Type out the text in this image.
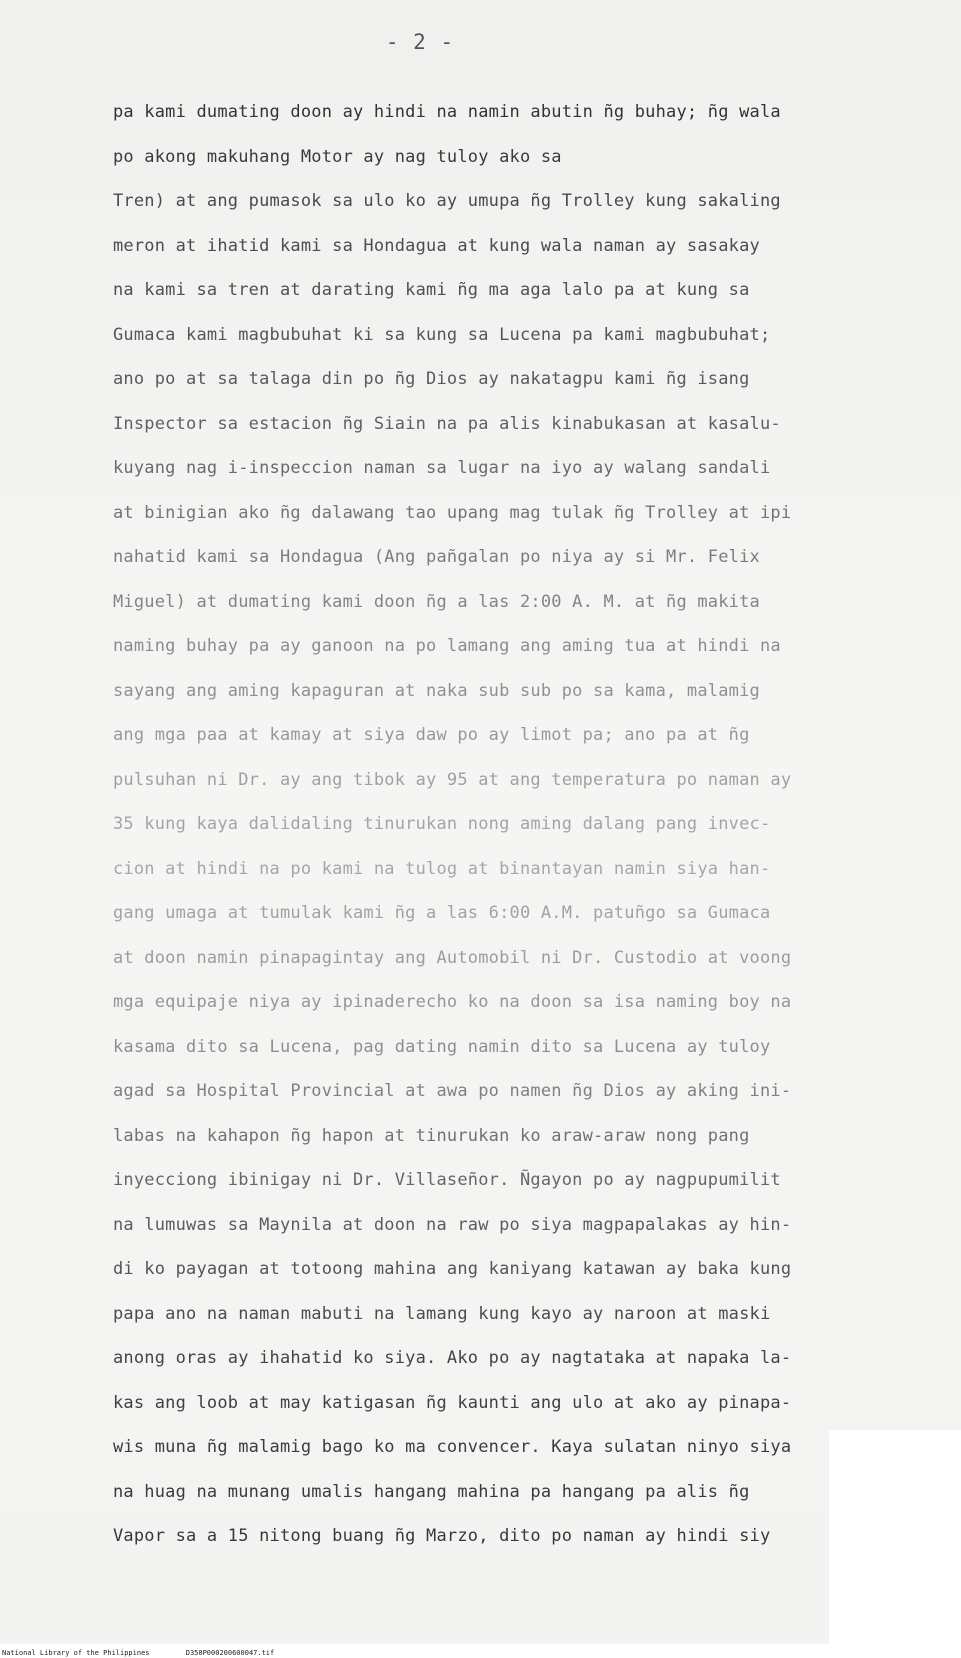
- 2 -
pa kami dumating doon ay hindi na namin abutin ñg buhay; ñg wala
po akong makuhang Motor ay nag tuloy ako sa
Tren) at ang pumasok sa ulo ko ay umupa ñg Trolley kung sakaling
meron at ihatid kami sa Hondagua at kung wala naman ay sasakay
na kami sa tren at darating kami ñg ma aga lalo pa at kung sa
Gumaca kami magbubuhat ki sa kung sa Lucena pa kami magbubuhat;
ano po at sa talaga din po ñg Dios ay nakatagpu kami ñg isang
Inspector sa estacion ñg Siain na pa alis kinabukasan at kasalu-
kuyang nag i-inspeccion naman sa lugar na iyo ay walang sandali
at binigian ako ñg dalawang tao upang mag tulak ñg Trolley at ipi
nahatid kami sa Hondagua (Ang pañgalan po niya ay si Mr. Felix
Miguel) at dumating kami doon ñg a las 2:00 A. M. at ñg makita
naming buhay pa ay ganoon na po lamang ang aming tua at hindi na
sayang ang aming kapaguran at naka sub sub po sa kama, malamig
ang mga paa at kamay at siya daw po ay limot pa; ano pa at ñg
pulsuhan ni Dr. ay ang tibok ay 95 at ang temperatura po naman ay
35 kung kaya dalidaling tinurukan nong aming dalang pang invec-
cion at hindi na po kami na tulog at binantayan namin siya han-
gang umaga at tumulak kami ñg a las 6:00 A.M. patuñgo sa Gumaca
at doon namin pinapagintay ang Automobil ni Dr. Custodio at voong
mga equipaje niya ay ipinaderecho ko na doon sa isa naming boy na
kasama dito sa Lucena, pag dating namin dito sa Lucena ay tuloy
agad sa Hospital Provincial at awa po namen ñg Dios ay aking ini-
labas na kahapon ñg hapon at tinurukan ko araw-araw nong pang
inyecciong ibinigay ni Dr. Villaseñor. Ñgayon po ay nagpupumilit
na lumuwas sa Maynila at doon na raw po siya magpapalakas ay hin-
di ko payagan at totoong mahina ang kaniyang katawan ay baka kung
papa ano na naman mabuti na lamang kung kayo ay naroon at maski
anong oras ay ihahatid ko siya. Ako po ay nagtataka at napaka la-
kas ang loob at may katigasan ñg kaunti ang ulo at ako ay pinapa-
wis muna ñg malamig bago ko ma convencer. Kaya sulatan ninyo siya
na huag na munang umalis hangang mahina pa hangang pa alis ñg
Vapor sa a 15 nitong buang ñg Marzo, dito po naman ay hindi siy
National Library of the Philippines	D350P000200600047.tif
